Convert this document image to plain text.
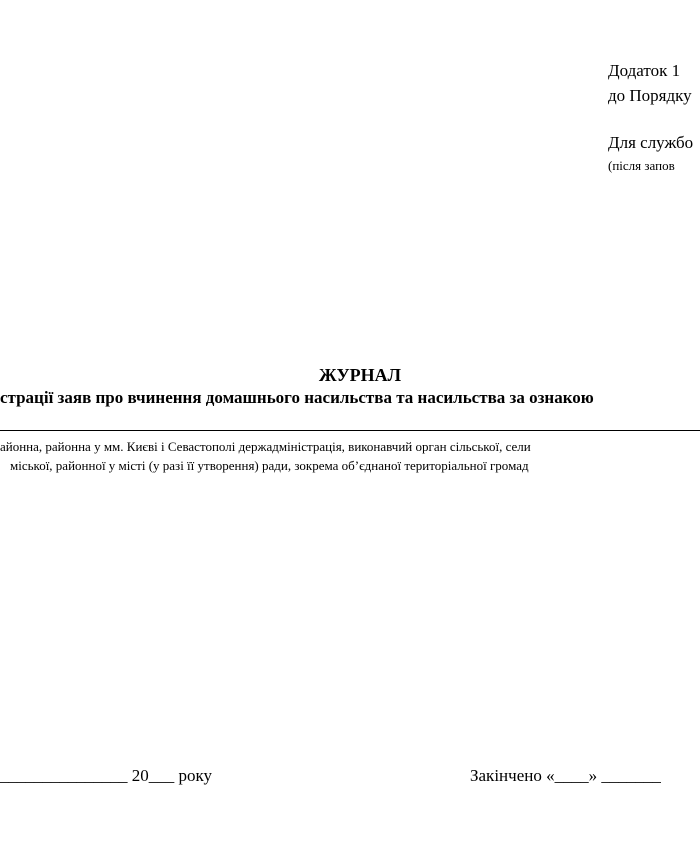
Додаток 1
до Порядку
Для службо
(після запов
ЖУРНАЛ
страції заяв про вчинення домашнього насильства та насильства за ознакою
айонна, районна у мм. Києві і Севастополі держадміністрація, виконавчий орган сільської, сели
міської, районної у місті (у разі її утворення) ради, зокрема об’єднаної територіальної громад
_______________ 20___ року	Закінчено «____» _______
